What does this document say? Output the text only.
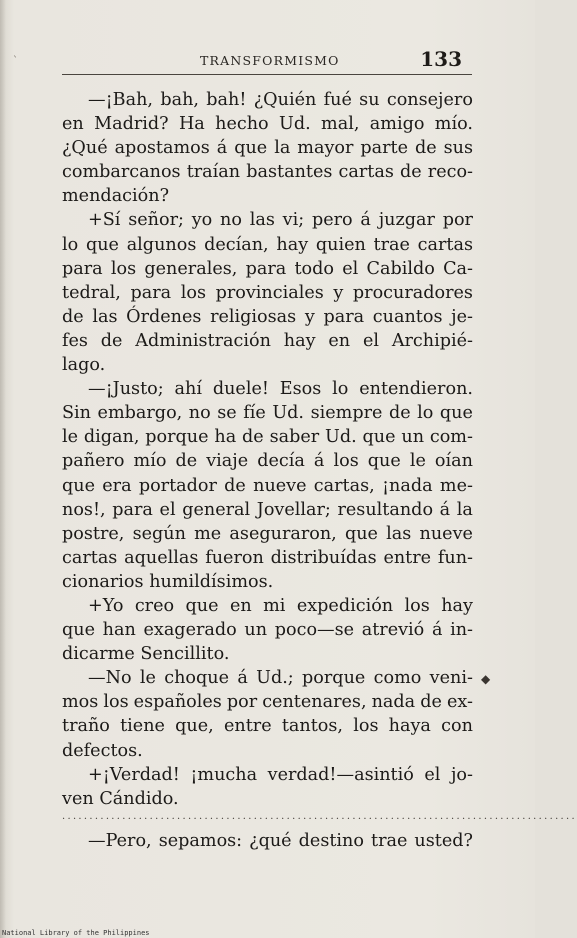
ˋ	TRANSFORMISMO	133
—¡Bah, bah, bah! ¿Quién fué su consejero
en Madrid? Ha hecho Ud. mal, amigo mío.
¿Qué apostamos á que la mayor parte de sus
combarcanos traían bastantes cartas de reco-
mendación?
+Sí señor; yo no las vi; pero á juzgar por
lo que algunos decían, hay quien trae cartas
para los generales, para todo el Cabildo Ca-
tedral, para los provinciales y procuradores
de las Órdenes religiosas y para cuantos je-
fes de Administración hay en el Archipié-
lago.
—¡Justo; ahí duele! Esos lo entendieron.
Sin embargo, no se fíe Ud. siempre de lo que
le digan, porque ha de saber Ud. que un com-
pañero mío de viaje decía á los que le oían
que era portador de nueve cartas, ¡nada me-
nos!, para el general Jovellar; resultando á la
postre, según me aseguraron, que las nueve
cartas aquellas fueron distribuídas entre fun-
cionarios humildísimos.
+Yo creo que en mi expedición los hay
que han exagerado un poco—se atrevió á in-
dicarme Sencillito.
—No le choque á Ud.; porque como veni-
mos los españoles por centenares, nada de ex-
traño tiene que, entre tantos, los haya con
defectos.
+¡Verdad! ¡mucha verdad!—asintió el jo-
ven Cándido.
◆
······························································································
—Pero, sepamos: ¿qué destino trae usted?
National Library of the Philippines
